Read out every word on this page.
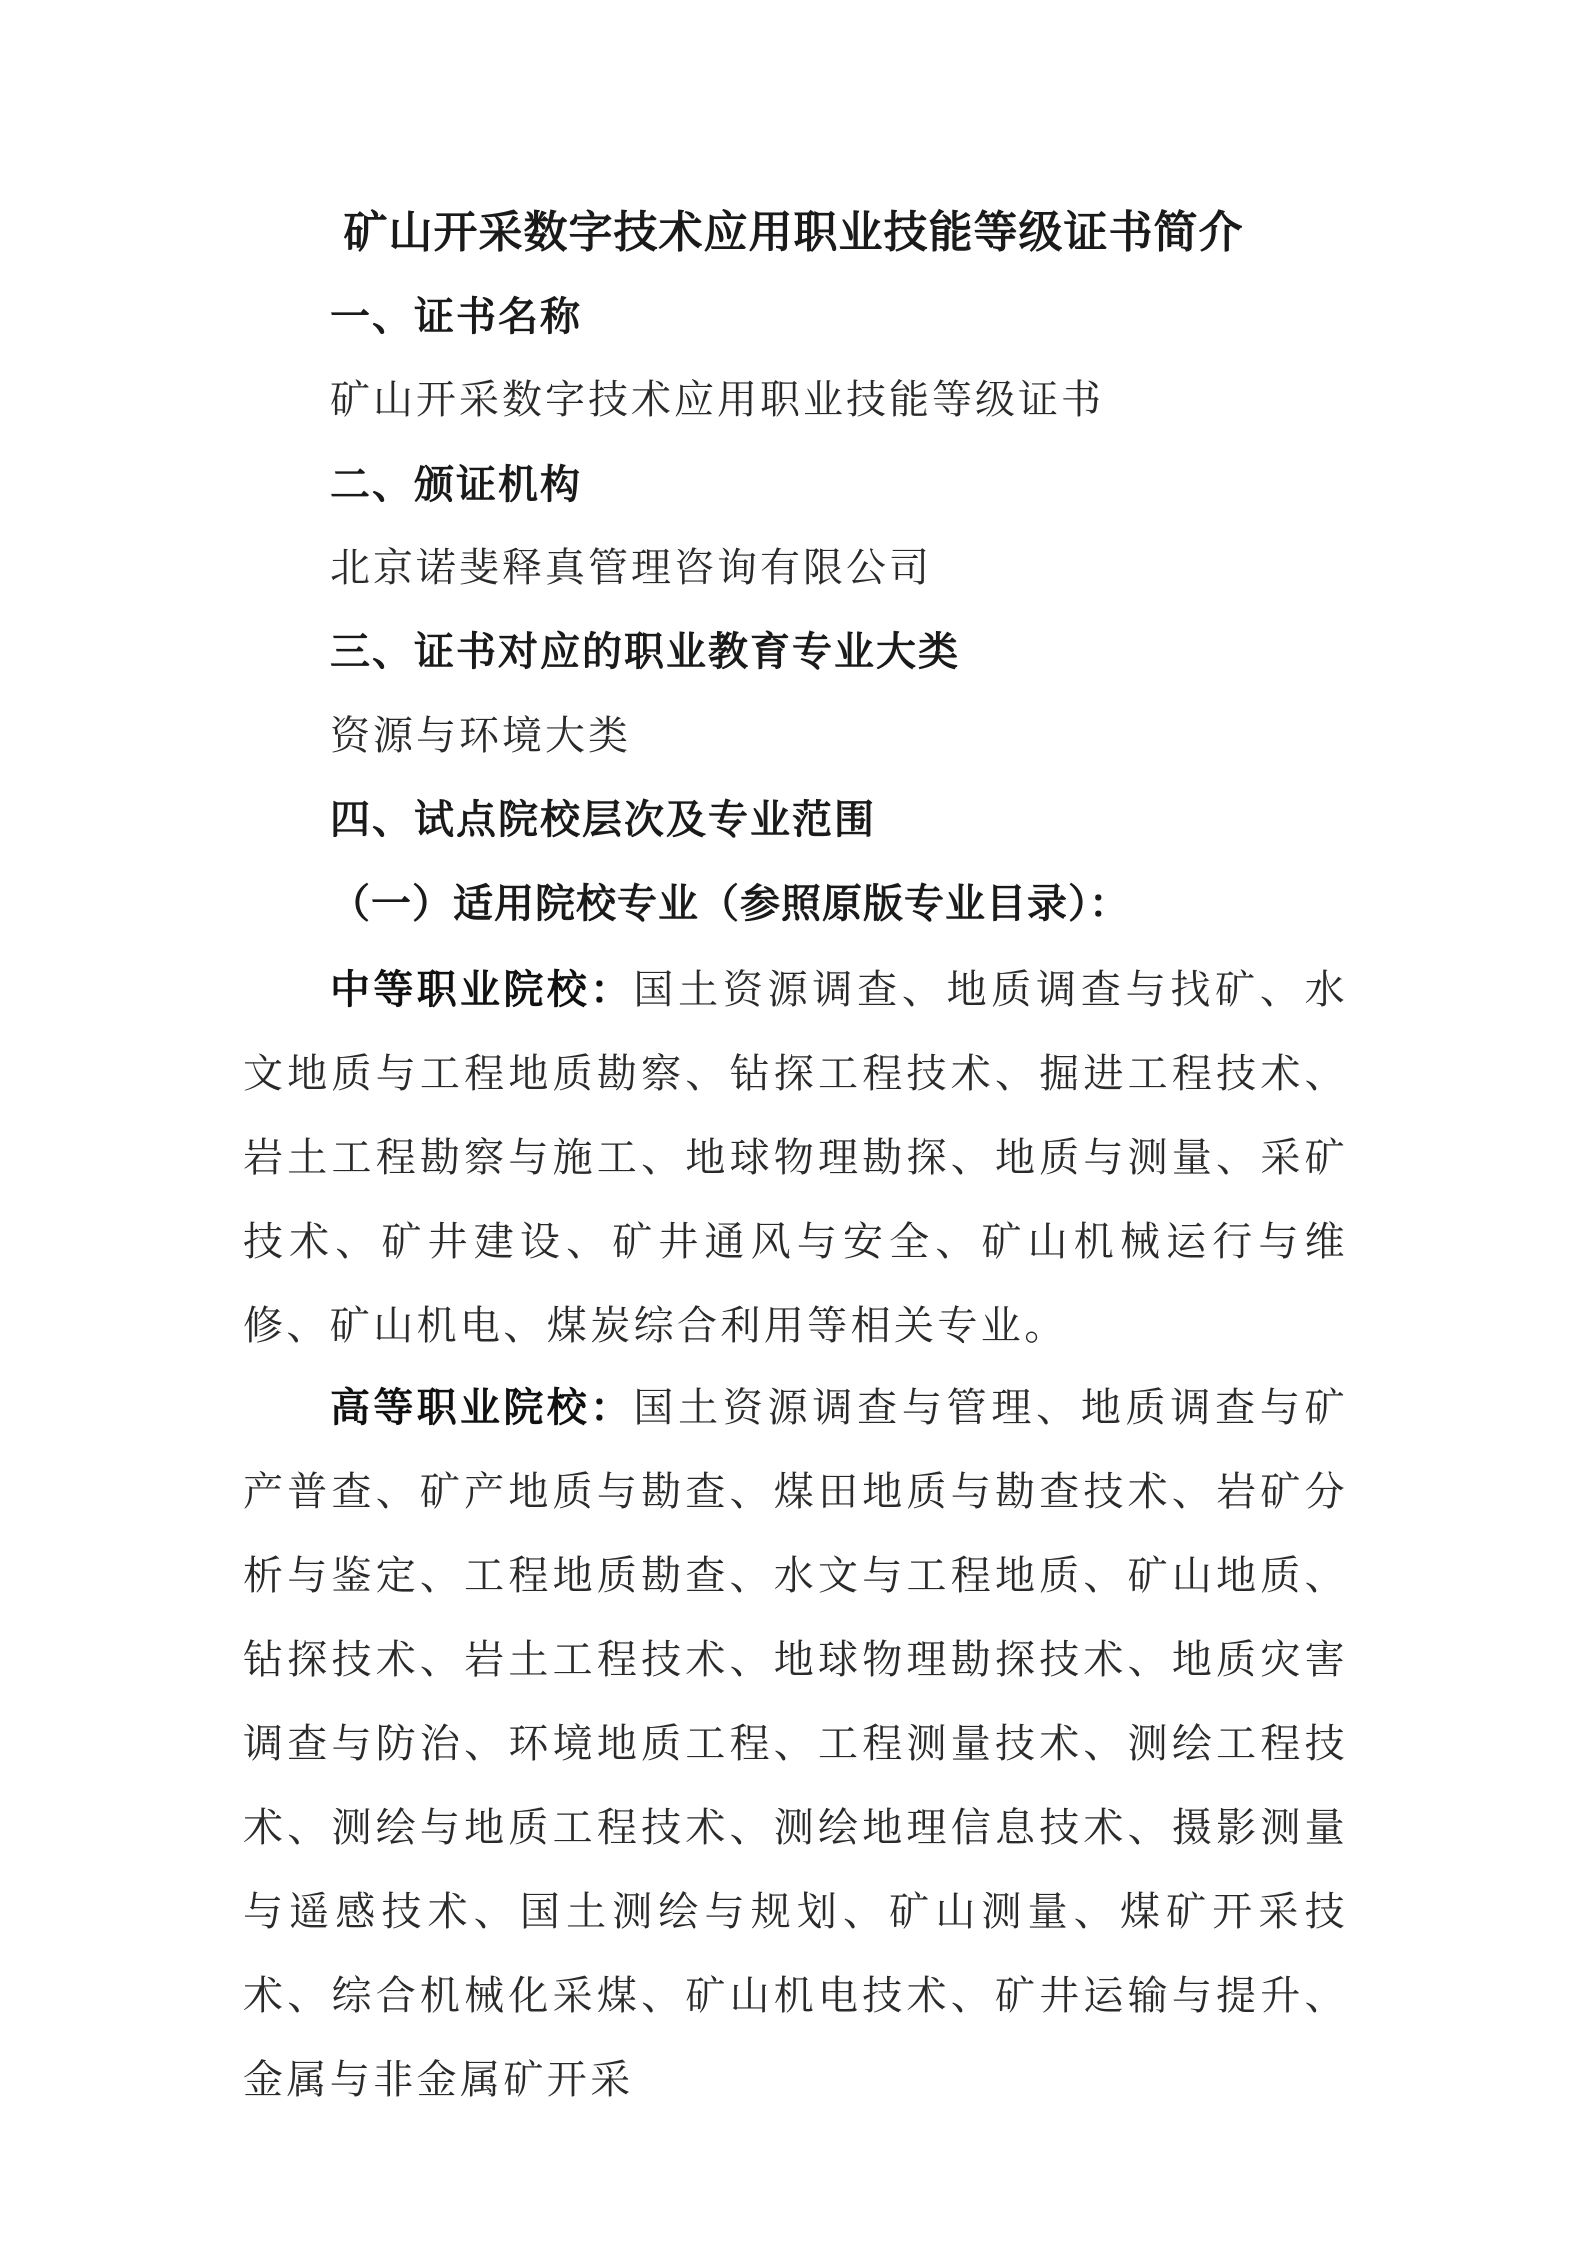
矿山开采数字技术应用职业技能等级证书简介
一、证书名称
矿山开采数字技术应用职业技能等级证书
二、颁证机构
北京诺斐释真管理咨询有限公司
三、证书对应的职业教育专业大类
资源与环境大类
四、试点院校层次及专业范围
（一）适用院校专业（参照原版专业目录）：

中等职业院校：国土资源调查、地质调查与找矿、水文地质与工程地质勘察、钻探工程技术、掘进工程技术、岩土工程勘察与施工、地球物理勘探、地质与测量、采矿技术、矿井建设、矿井通风与安全、矿山机械运行与维修、矿山机电、煤炭综合利用等相关专业。

高等职业院校：国土资源调查与管理、地质调查与矿产普查、矿产地质与勘查、煤田地质与勘查技术、岩矿分析与鉴定、工程地质勘查、水文与工程地质、矿山地质、钻探技术、岩土工程技术、地球物理勘探技术、地质灾害调查与防治、环境地质工程、工程测量技术、测绘工程技术、测绘与地质工程技术、测绘地理信息技术、摄影测量与遥感技术、国土测绘与规划、矿山测量、煤矿开采技术、综合机械化采煤、矿山机电技术、矿井运输与提升、金属与非金属矿开采
